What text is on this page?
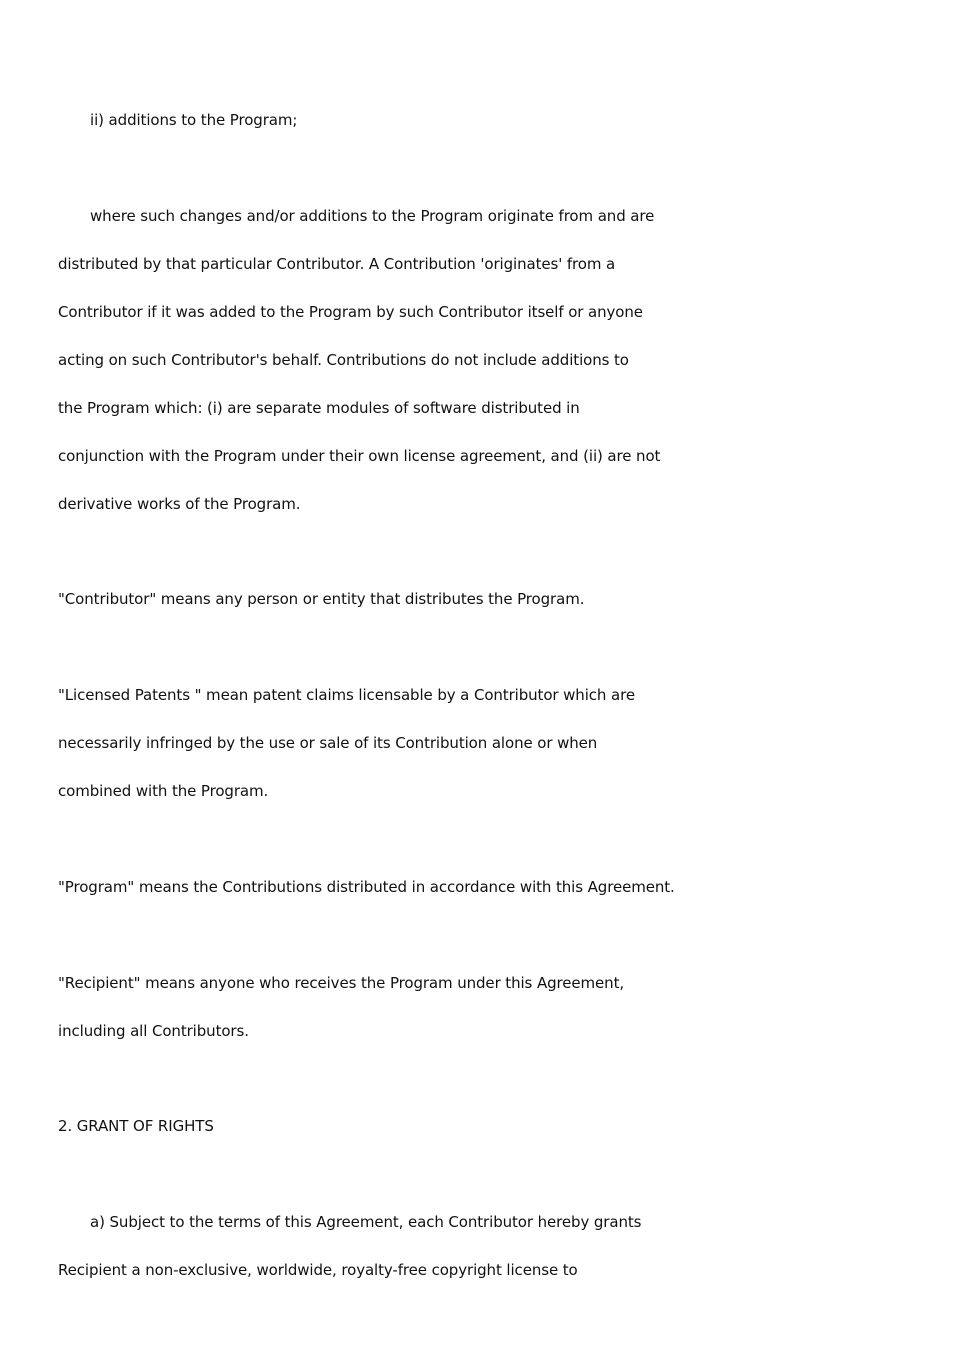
ii) additions to the Program;
where such changes and/or additions to the Program originate from and are
distributed by that particular Contributor. A Contribution 'originates' from a
Contributor if it was added to the Program by such Contributor itself or anyone
acting on such Contributor's behalf. Contributions do not include additions to
the Program which: (i) are separate modules of software distributed in
conjunction with the Program under their own license agreement, and (ii) are not
derivative works of the Program.
"Contributor" means any person or entity that distributes the Program.
"Licensed Patents " mean patent claims licensable by a Contributor which are
necessarily infringed by the use or sale of its Contribution alone or when
combined with the Program.
"Program" means the Contributions distributed in accordance with this Agreement.
"Recipient" means anyone who receives the Program under this Agreement,
including all Contributors.
2. GRANT OF RIGHTS
a) Subject to the terms of this Agreement, each Contributor hereby grants
Recipient a non-exclusive, worldwide, royalty-free copyright license to
